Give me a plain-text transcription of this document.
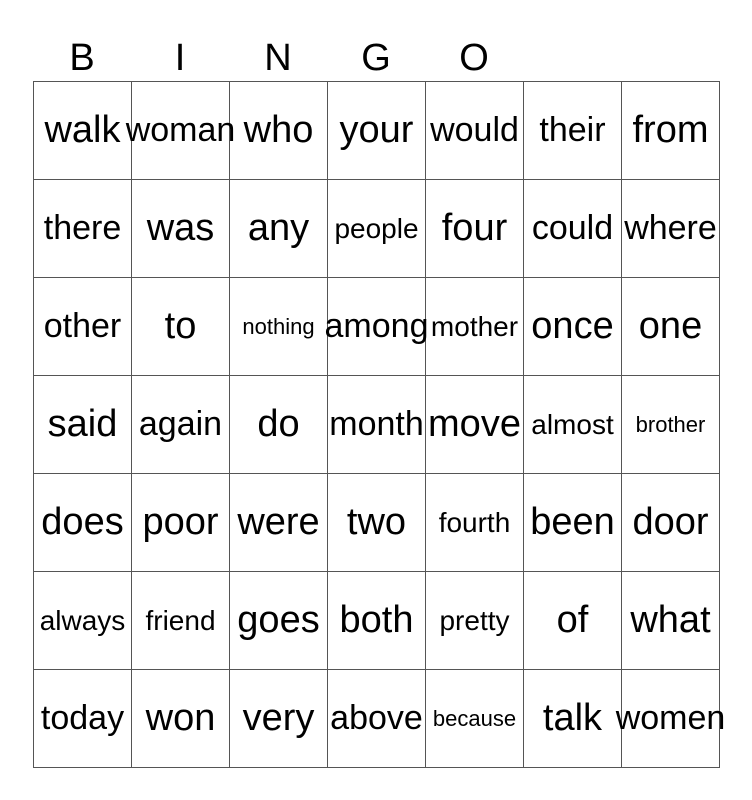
B	I	N	G	O
walk woman who your would their from
there was any people four could where
other	to	nothing among mother once one
said again do month move almost brother
does poor were two	fourth been door
always friend goes both pretty	of	what
today won very above because talk women
